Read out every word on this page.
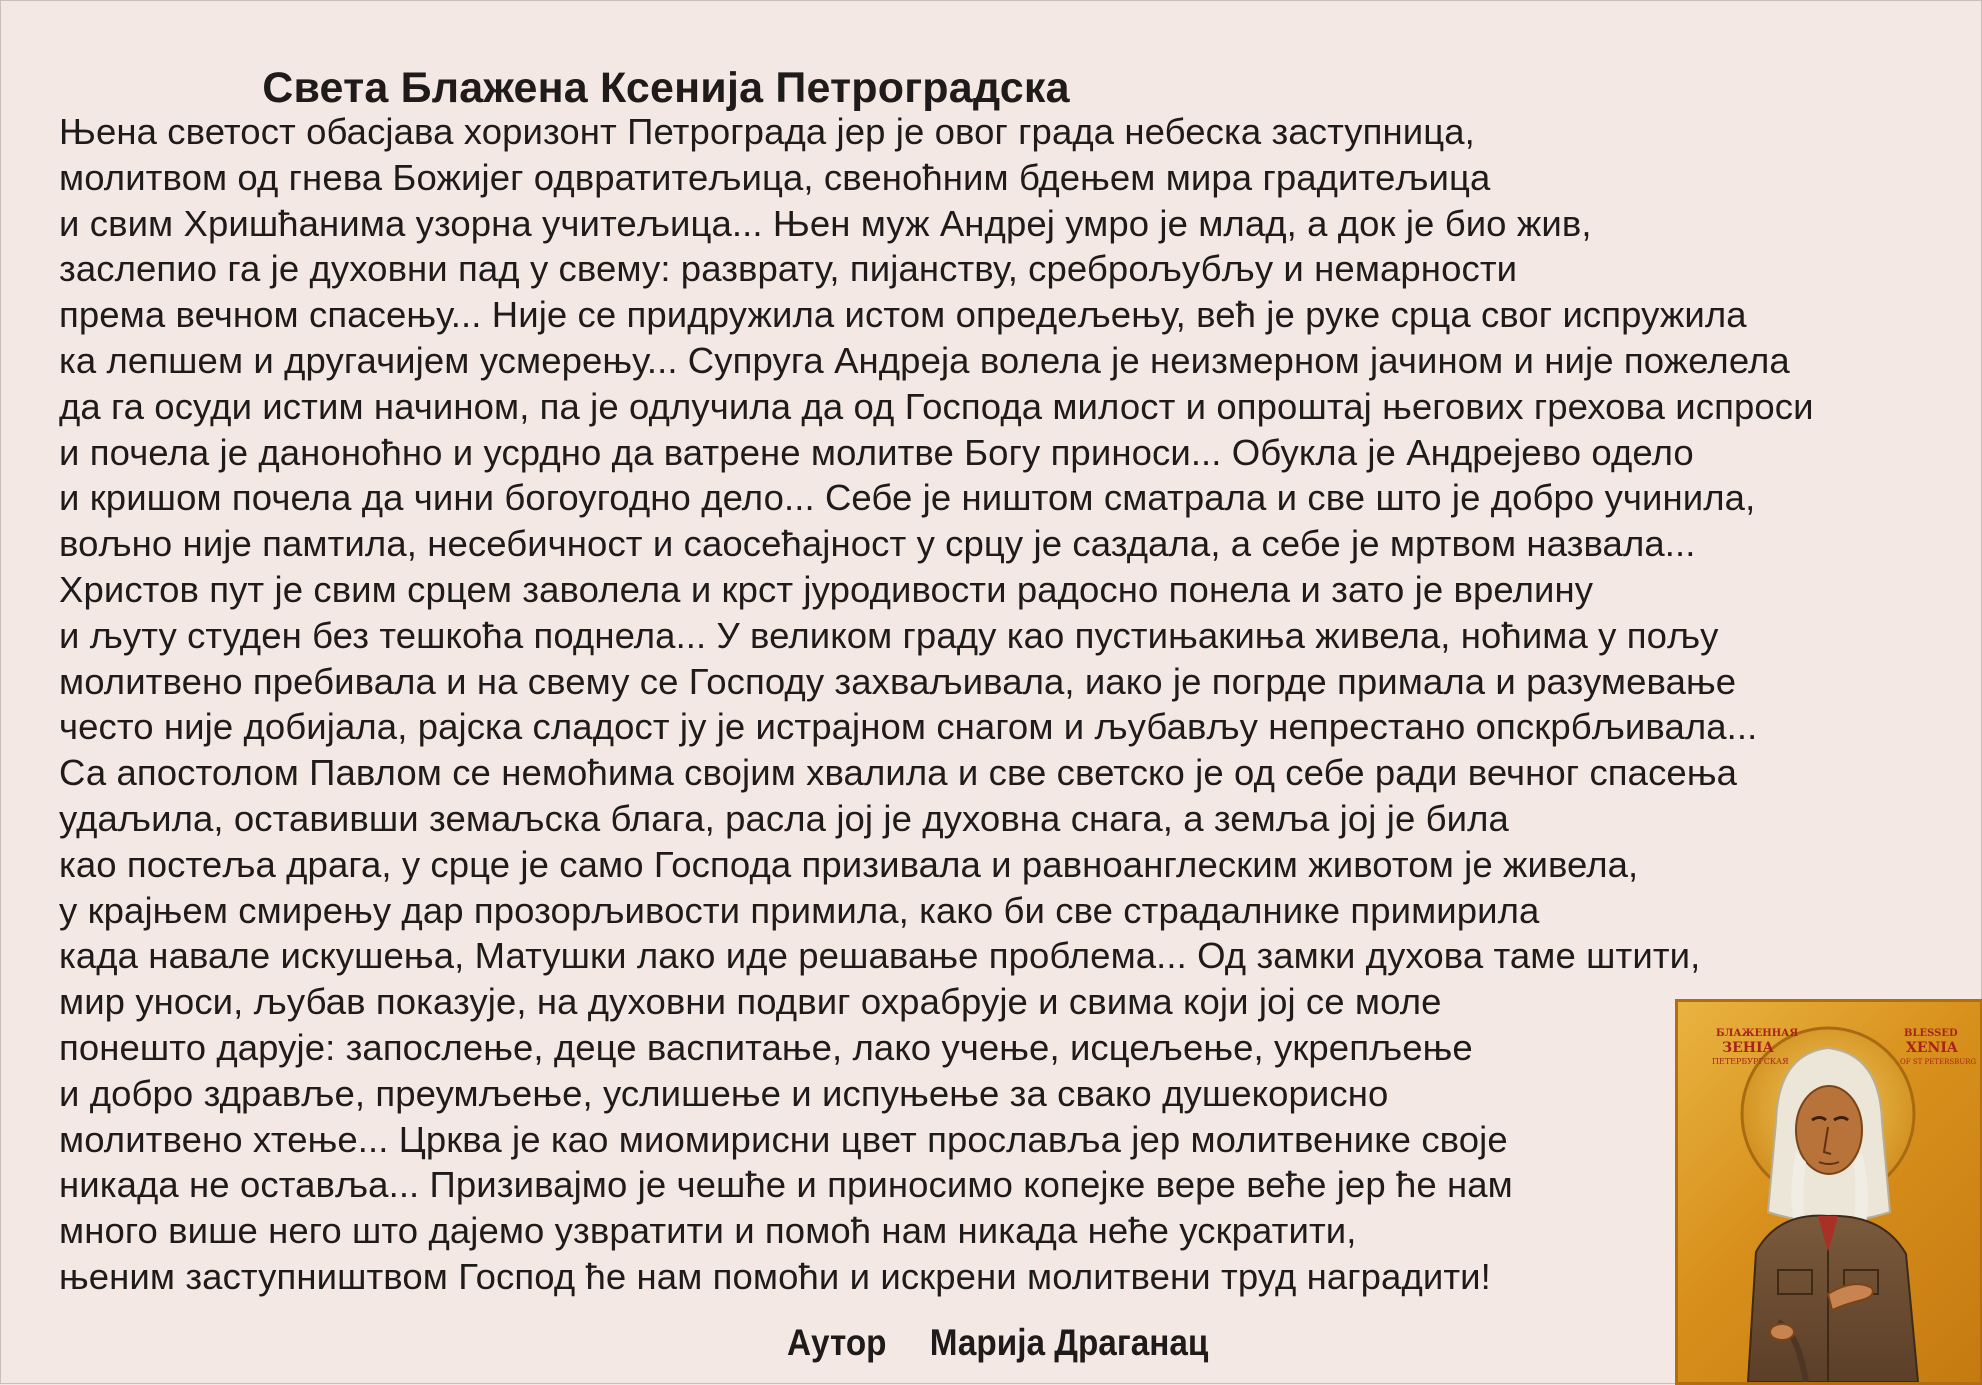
Света Блажена Ксенија Петроградска
Њена светост обасјава хоризонт Петрограда јер је овог града небеска заступница,
молитвом од гнева Божијег одвратитељица, свеноћним бдењем мира градитељица
и свим Хришћанима узорна учитељица... Њен муж Андреј умро је млад, а док је био жив,
заслепио га је духовни пад у свему: разврату, пијанству, среброљубљу и немарности
према вечном спасењу... Није се придружила истом опредељењу, већ је руке срца свог испружила
ка лепшем и другачијем усмерењу... Супруга Андреја волела је неизмерном јачином и није пожелела
да га осуди истим начином, па је одлучила да од Господа милост и опроштај његових грехова испроси
и почела је даноноћно и усрдно да ватрене молитве Богу приноси... Обукла је Андрејево одело
и кришом почела да чини богоугодно дело... Себе је ништом сматрала и све што је добро учинила,
вољно није памтила, несебичност и саосећајност у срцу је саздала, а себе је мртвом назвала...
Христов пут је свим срцем заволела и крст јуродивости радосно понела и зато је врелину
и љуту студен без тешкоћа поднела... У великом граду као пустињакиња живела, ноћима у пољу
молитвено пребивала и на свему се Господу захваљивала, иако је погрде примала и разумевање
често није добијала, рајска сладост ју је истрајном снагом и љубављу непрестано опскрбљивала...
Са апостолом Павлом се немоћима својим хвалила и све светско је од себе ради вечног спасења
удаљила, оставивши земаљска блага, расла јој је духовна снага, а земља јој је била
као постеља драга, у срце је само Господа призивала и равноанглеским животом је живела,
у крајњем смирењу дар прозорљивости примила, како би све страдалнике примирила
када навале искушења, Матушки лако иде решавање проблема... Од замки духова таме штити,
мир уноси, љубав показује, на духовни подвиг охрабрује и свима који јој се моле
понешто дарује: запослење, деце васпитање, лако учење, исцељење, укрепљење
и добро здравље, преумљење, услишење и испуњење за свако душекорисно
молитвено хтење... Црква је као миомирисни цвет прославља јер молитвенике своје
никада не оставља... Призивајмо је чешће и приносимо копејке вере веће јер ће нам
много више него што дајемо узвратити и помоћ нам никада неће ускратити,
њеним заступништвом Господ ће нам помоћи и искрени молитвени труд наградити!
Аутор Марија Драганац
БЛАЖЕННАЯ
ЗЕНІА
ПЕТЕРБУРГСКАЯ
BLESSED
XENIA
OF ST PETERSBURG
